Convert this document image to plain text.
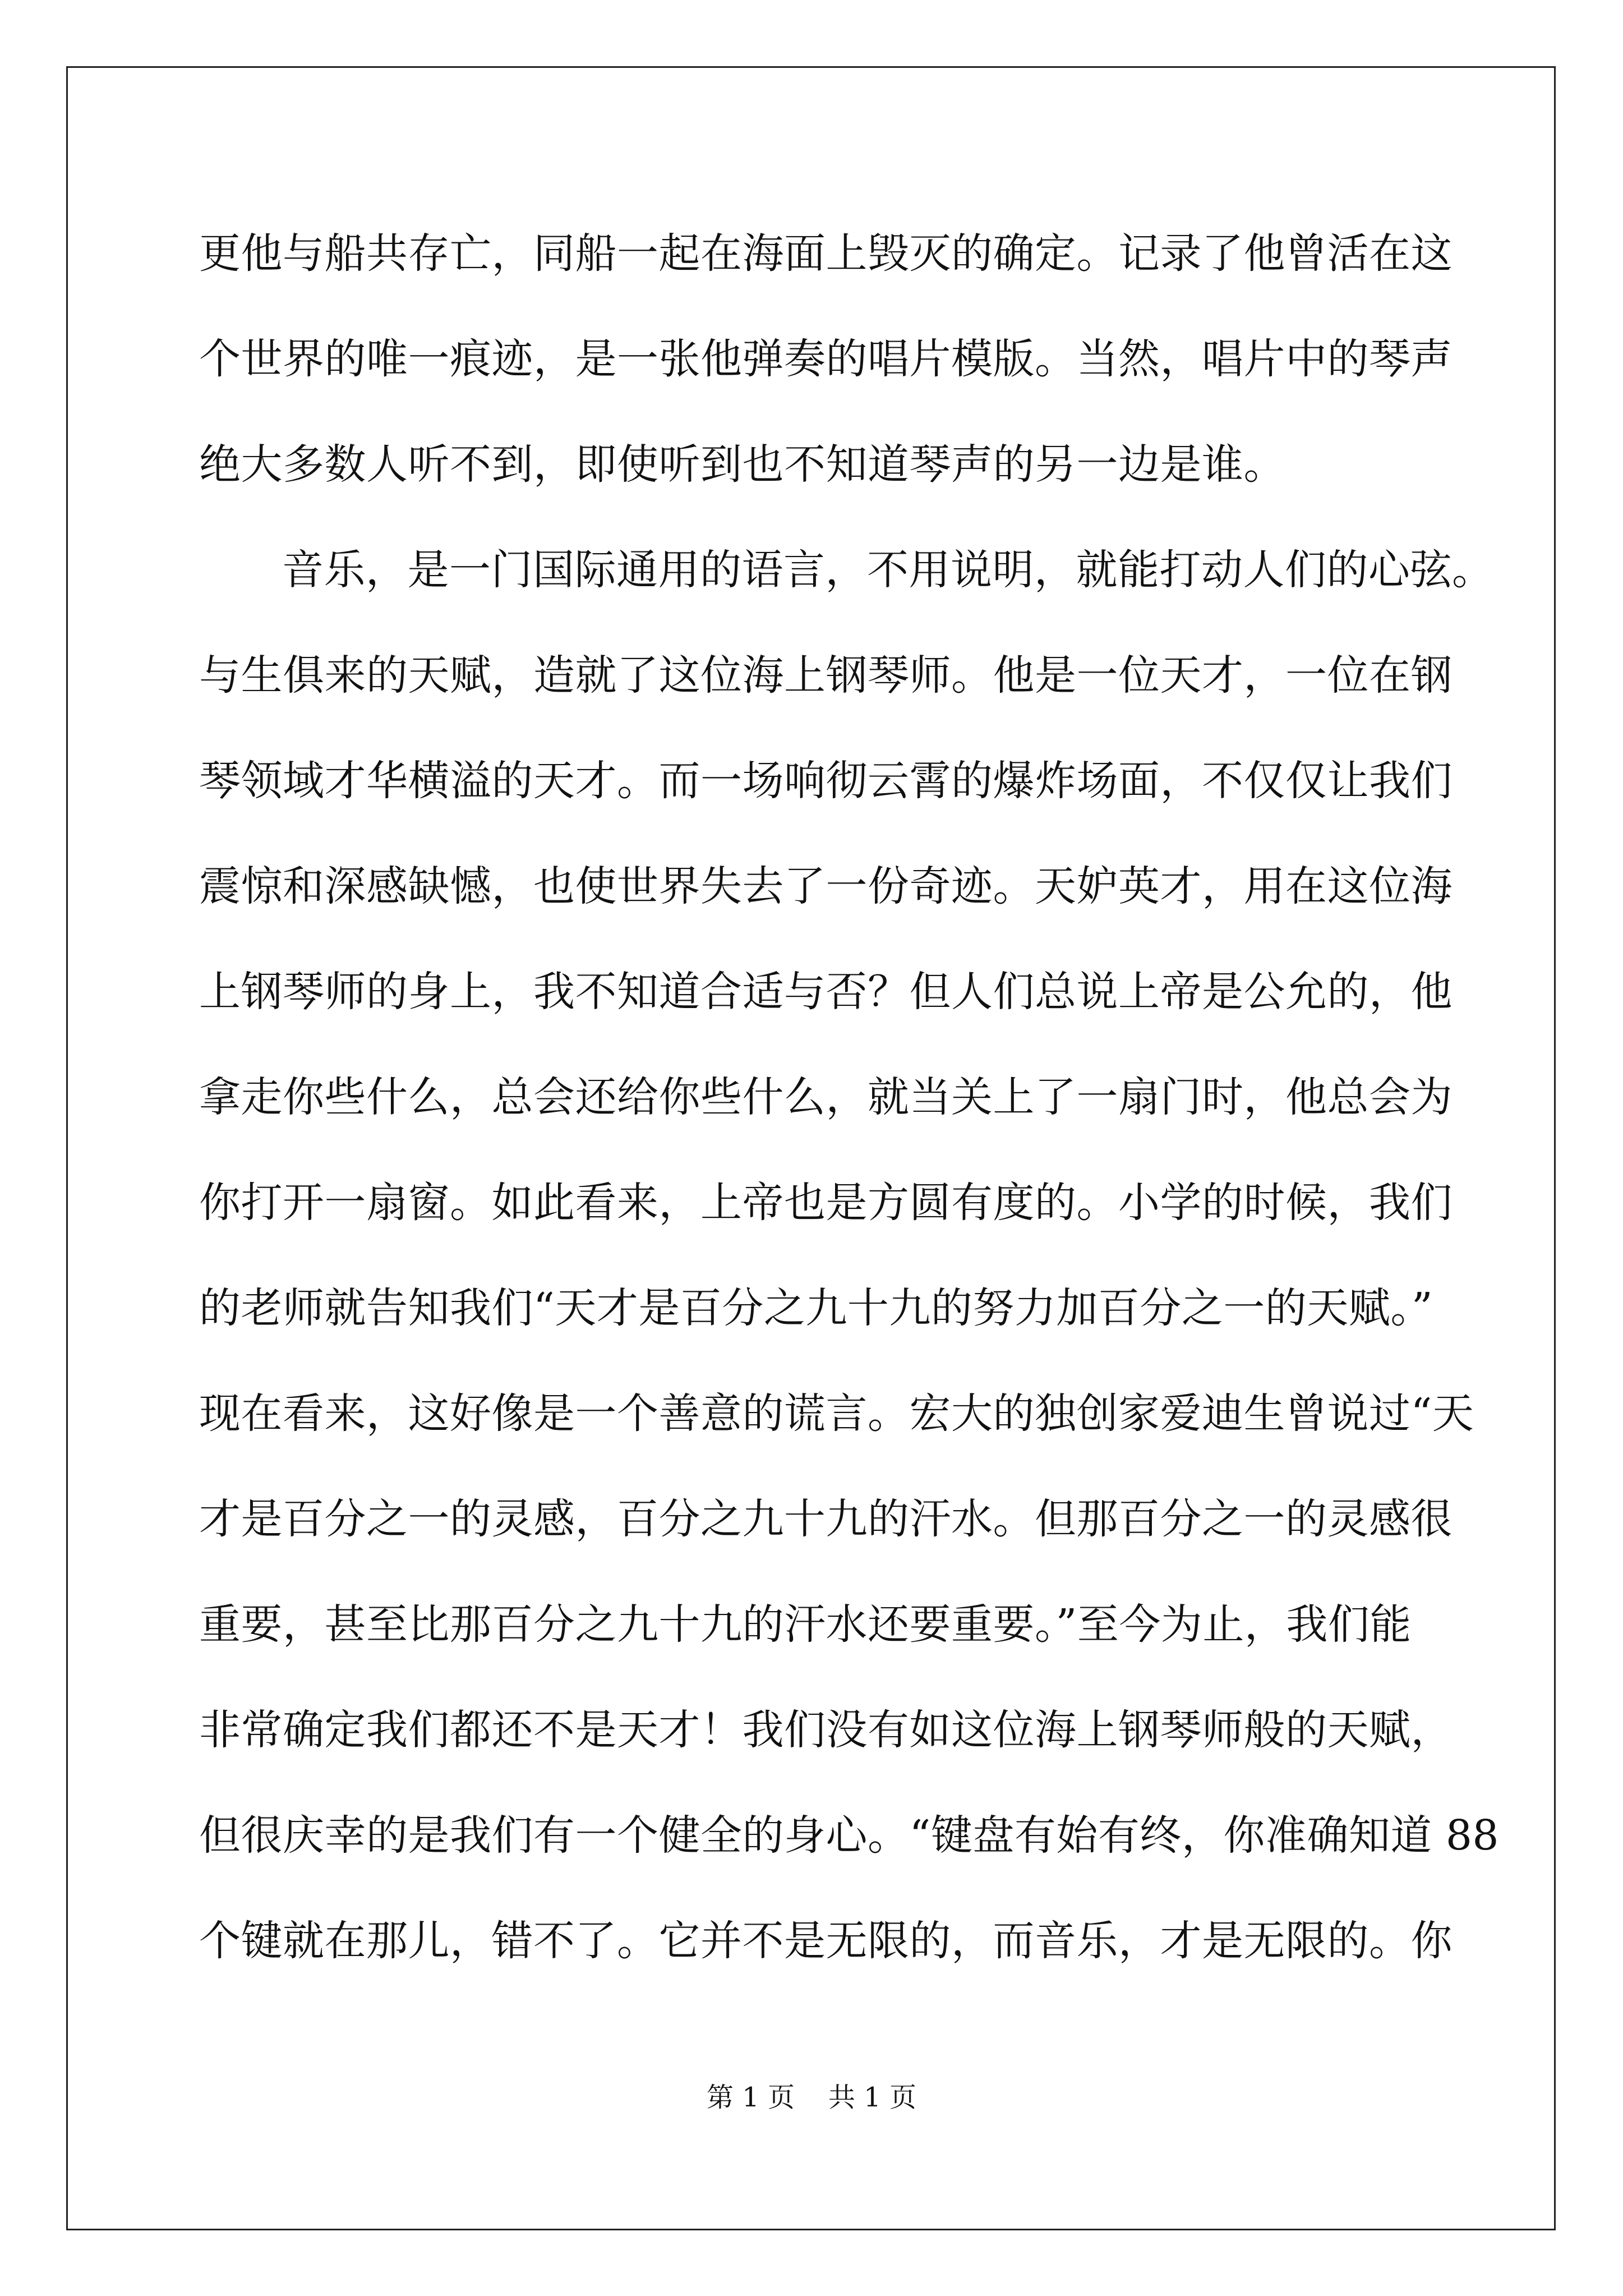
更他与船共存亡，同船一起在海面上毁灭的确定。记录了他曾活在这
个世界的唯一痕迹，是一张他弹奏的唱片模版。当然，唱片中的琴声
绝大多数人听不到，即使听到也不知道琴声的另一边是谁。
音乐，是一门国际通用的语言，不用说明，就能打动人们的心弦。
与生俱来的天赋，造就了这位海上钢琴师。他是一位天才，一位在钢
琴领域才华横溢的天才。而一场响彻云霄的爆炸场面，不仅仅让我们
震惊和深感缺憾，也使世界失去了一份奇迹。天妒英才，用在这位海
上钢琴师的身上，我不知道合适与否？但人们总说上帝是公允的，他
拿走你些什么，总会还给你些什么，就当关上了一扇门时，他总会为
你打开一扇窗。如此看来，上帝也是方圆有度的。小学的时候，我们
的老师就告知我们“天才是百分之九十九的努力加百分之一的天赋。”
现在看来，这好像是一个善意的谎言。宏大的独创家爱迪生曾说过“天
才是百分之一的灵感，百分之九十九的汗水。但那百分之一的灵感很
重要，甚至比那百分之九十九的汗水还要重要。”至今为止，我们能
非常确定我们都还不是天才！我们没有如这位海上钢琴师般的天赋，
但很庆幸的是我们有一个健全的身心。“键盘有始有终，你准确知道 88
个键就在那儿，错不了。它并不是无限的，而音乐，才是无限的。你
第 1 页 共 1 页
